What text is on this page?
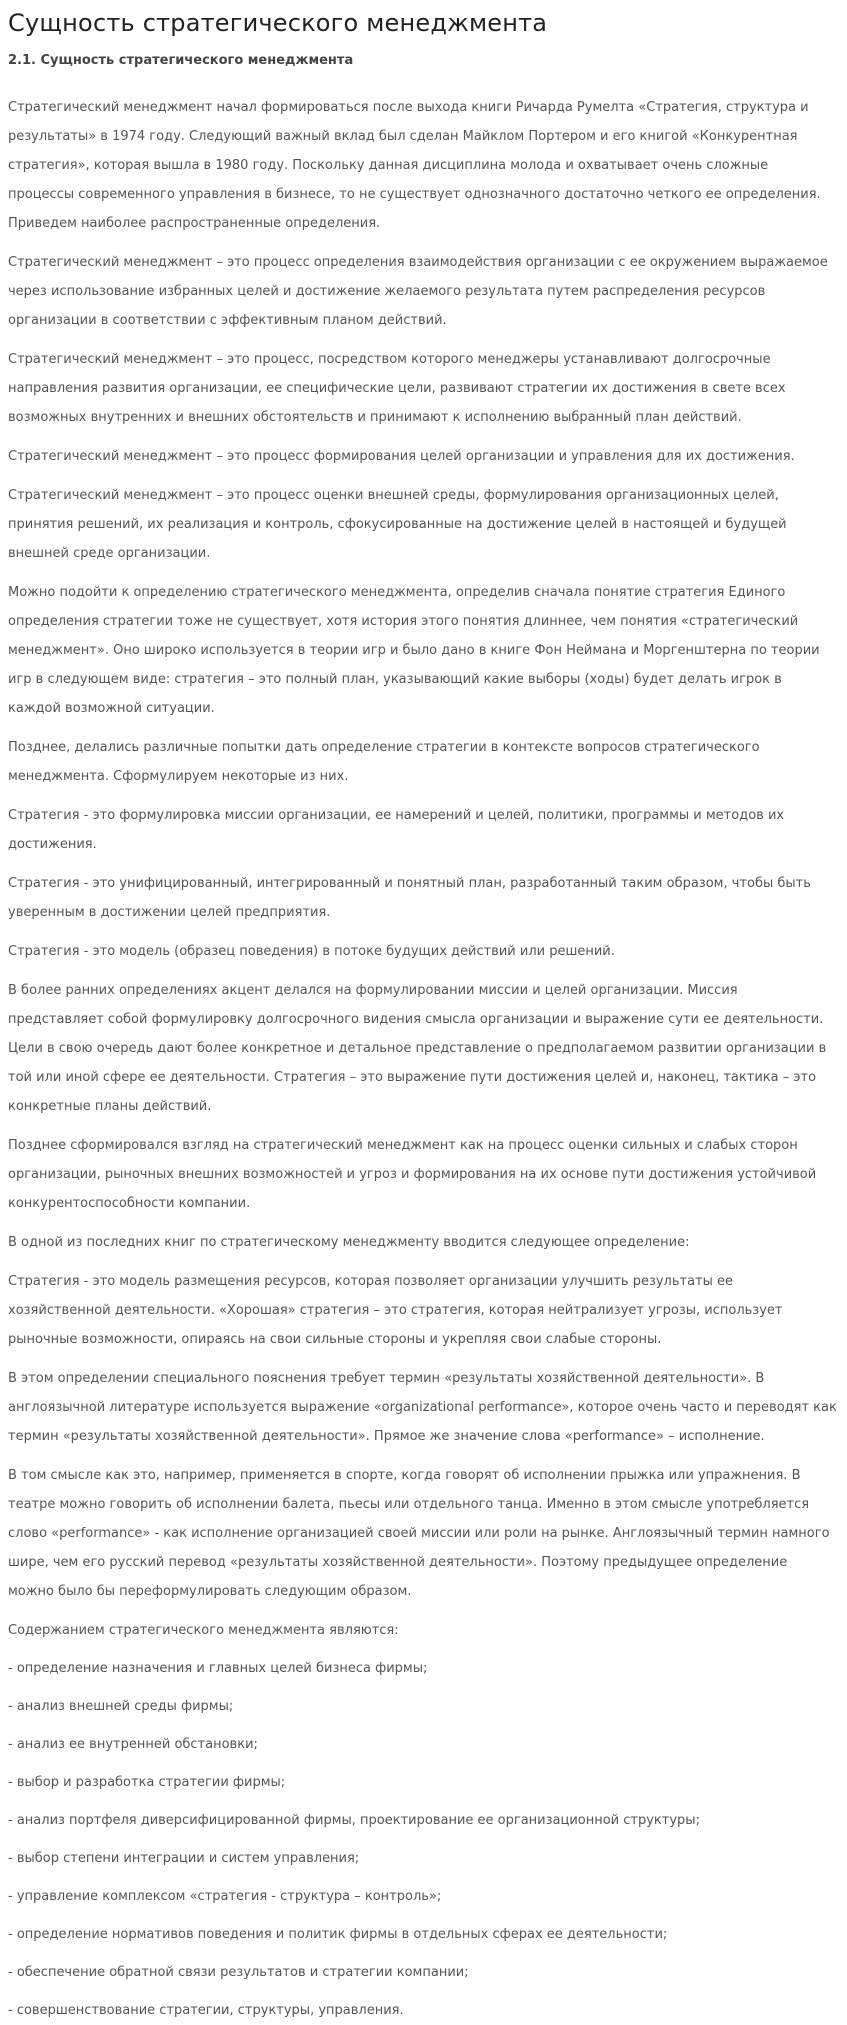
Сущность стратегического менеджмента
2.1. Сущность стратегического менеджмента

Стратегический менеджмент начал формироваться после выхода книги Ричарда Румелта «Стратегия, структура и результаты» в 1974 году. Следующий важный вклад был сделан Майклом Портером и его книгой «Конкурентная стратегия», которая вышла в 1980 году. Поскольку данная дисциплина молода и охватывает очень сложные процессы современного управления в бизнесе, то не существует однозначного достаточно четкого ее определения. Приведем наиболее распространенные определения.

Стратегический менеджмент – это процесс определения взаимодействия организации с ее окружением выражаемое через использование избранных целей и достижение желаемого результата путем распределения ресурсов организации в соответствии с эффективным планом действий.

Стратегический менеджмент – это процесс, посредством которого менеджеры устанавливают долгосрочные направления развития организации, ее специфические цели, развивают стратегии их достижения в свете всех возможных внутренних и внешних обстоятельств и принимают к исполнению выбранный план действий.

Стратегический менеджмент – это процесс формирования целей организации и управления для их достижения.

Стратегический менеджмент – это процесс оценки внешней среды, формулирования организационных целей, принятия решений, их реализация и контроль, сфокусированные на достижение целей в настоящей и будущей внешней среде организации.

Можно подойти к определению стратегического менеджмента, определив сначала понятие стратегия Единого определения стратегии тоже не существует, хотя история этого понятия длиннее, чем понятия «стратегический менеджмент». Оно широко используется в теории игр и было дано в книге Фон Неймана и Моргенштерна по теории игр в следующем виде: стратегия – это полный план, указывающий какие выборы (ходы) будет делать игрок в каждой возможной ситуации.

Позднее, делались различные попытки дать определение стратегии в контексте вопросов стратегического менеджмента. Сформулируем некоторые из них.

Стратегия - это формулировка миссии организации, ее намерений и целей, политики, программы и методов их достижения.

Стратегия - это унифицированный, интегрированный и понятный план, разработанный таким образом, чтобы быть уверенным в достижении целей предприятия.

Стратегия - это модель (образец поведения) в потоке будущих действий или решений.

В более ранних определениях акцент делался на формулировании миссии и целей организации. Миссия представляет собой формулировку долгосрочного видения смысла организации и выражение сути ее деятельности. Цели в свою очередь дают более конкретное и детальное представление о предполагаемом развитии организации в той или иной сфере ее деятельности. Стратегия – это выражение пути достижения целей и, наконец, тактика – это конкретные планы действий.

Позднее сформировался взгляд на стратегический менеджмент как на процесс оценки сильных и слабых сторон организации, рыночных внешних возможностей и угроз и формирования на их основе пути достижения устойчивой конкурентоспособности компании.

В одной из последних книг по стратегическому менеджменту вводится следующее определение:

Стратегия - это модель размещения ресурсов, которая позволяет организации улучшить результаты ее хозяйственной деятельности. «Хорошая» стратегия – это стратегия, которая нейтрализует угрозы, использует рыночные возможности, опираясь на свои сильные стороны и укрепляя свои слабые стороны.

В этом определении специального пояснения требует термин «результаты хозяйственной деятельности». В англоязычной литературе используется выражение «organizational performance», которое очень часто и переводят как термин «результаты хозяйственной деятельности». Прямое же значение слова «performance» – исполнение.

В том смысле как это, например, применяется в спорте, когда говорят об исполнении прыжка или упражнения. В театре можно говорить об исполнении балета, пьесы или отдельного танца. Именно в этом смысле употребляется слово «performance» - как исполнение организацией своей миссии или роли на рынке. Англоязычный термин намного шире, чем его русский перевод «результаты хозяйственной деятельности». Поэтому предыдущее определение можно было бы переформулировать следующим образом.

Содержанием стратегического менеджмента являются:

- определение назначения и главных целей бизнеса фирмы;

- анализ внешней среды фирмы;

- анализ ее внутренней обстановки;

- выбор и разработка стратегии фирмы;

- анализ портфеля диверсифицированной фирмы, проектирование ее организационной структуры;

- выбор степени интеграции и систем управления;

- управление комплексом «стратегия - структура – контроль»;

- определение нормативов поведения и политик фирмы в отдельных сферах ее деятельности;

- обеспечение обратной связи результатов и стратегии компании;

- совершенствование стратегии, структуры, управления.
